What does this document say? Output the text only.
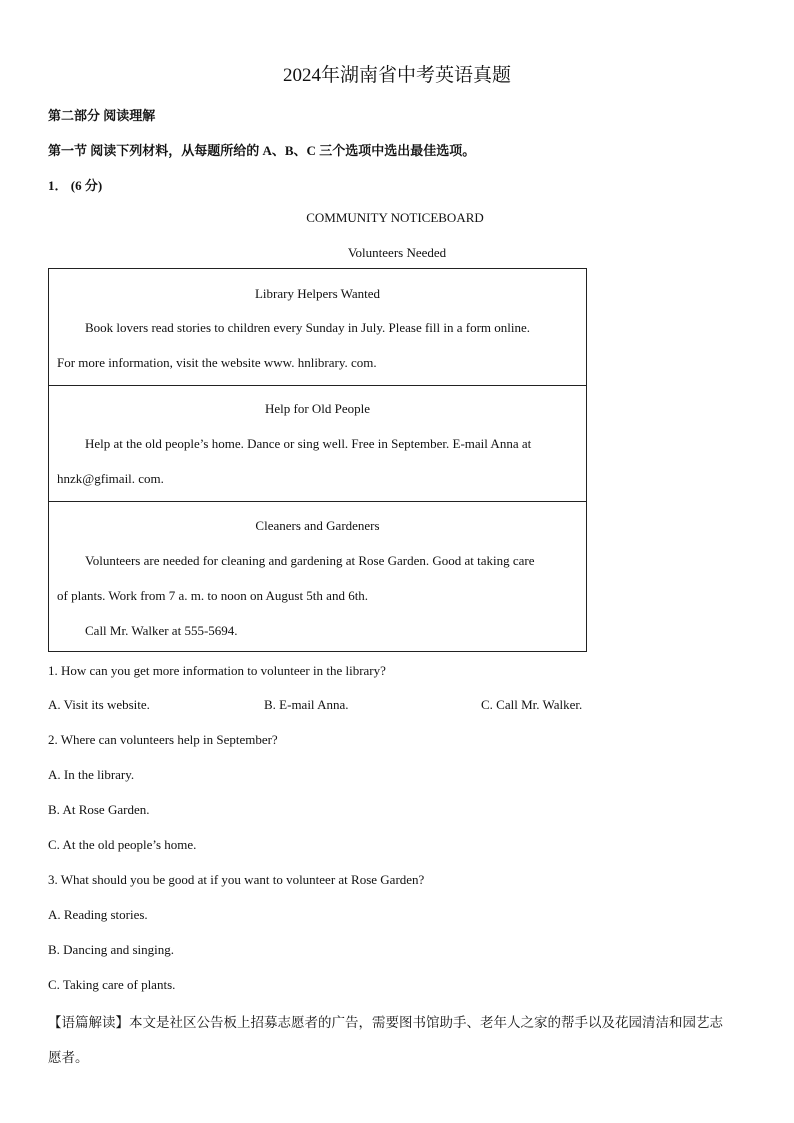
2024年湖南省中考英语真题
第二部分 阅读理解
第一节 阅读下列材料，从每题所给的 A、B、C 三个选项中选出最佳选项。
1． (6 分)
COMMUNITY NOTICEBOARD
Volunteers Needed
Library Helpers Wanted
Book lovers read stories to children every Sunday in July. Please fill in a form online.
For more information, visit the website www. hnlibrary. com.
Help for Old People
Help at the old people’s home. Dance or sing well. Free in September. E-mail Anna at
hnzk@gfimail. com.
Cleaners and Gardeners
Volunteers are needed for cleaning and gardening at Rose Garden. Good at taking care
of plants. Work from 7 a. m. to noon on August 5th and 6th.
Call Mr. Walker at 555-5694.
1. How can you get more information to volunteer in the library?
A. Visit its website.	B. E-mail Anna.	C. Call Mr. Walker.
2. Where can volunteers help in September?
A. In the library.
B. At Rose Garden.
C. At the old people’s home.
3. What should you be good at if you want to volunteer at Rose Garden?
A. Reading stories.
B. Dancing and singing.
C. Taking care of plants.
【语篇解读】本文是社区公告板上招募志愿者的广告，需要图书馆助手、老年人之家的帮手以及花园清洁和园艺志
愿者。
